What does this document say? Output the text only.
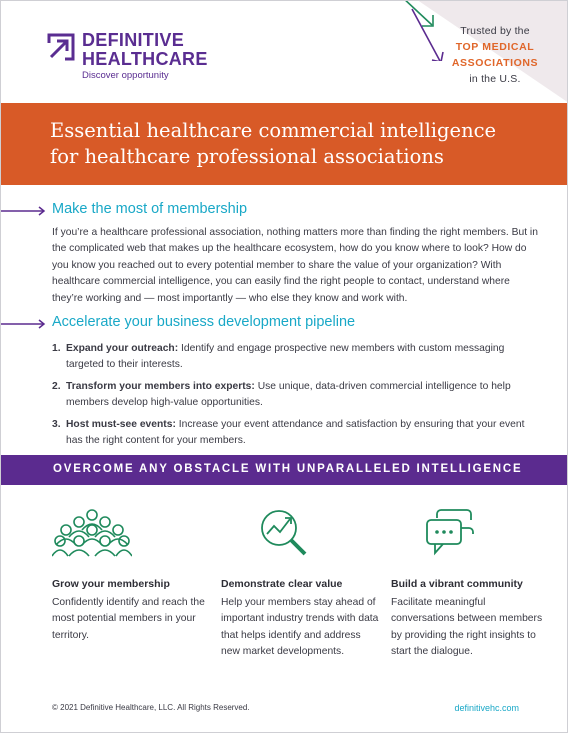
Trusted by the
TOP MEDICAL
ASSOCIATIONS
in the U.S.
DEFINITIVE
HEALTHCARE
Discover opportunity
Essential healthcare commercial intelligence
for healthcare professional associations
Make the most of membership
If you’re a healthcare professional association, nothing matters more than finding the right members. But in the complicated web that makes up the healthcare ecosystem, how do you know where to look? How do you know you reached out to every potential member to share the value of your organization? With healthcare commercial intelligence, you can easily find the right people to contact, understand where they’re working and — most importantly — who else they know and work with.
Accelerate your business development pipeline
1. Expand your outreach: Identify and engage prospective new members with custom messaging targeted to their interests.
2. Transform your members into experts: Use unique, data-driven commercial intelligence to help members develop high-value opportunities.
3. Host must-see events: Increase your event attendance and satisfaction by ensuring that your event has the right content for your members.
OVERCOME ANY OBSTACLE WITH UNPARALLELED INTELLIGENCE
Grow your membership

Confidently identify and reach the most potential members in your territory.

Demonstrate clear value

Help your members stay ahead of important industry trends with data that helps identify and address new market developments.

Build a vibrant community

Facilitate meaningful conversations between members by providing the right insights to start the dialogue.

© 2021 Definitive Healthcare, LLC. All Rights Reserved.	definitivehc.com
